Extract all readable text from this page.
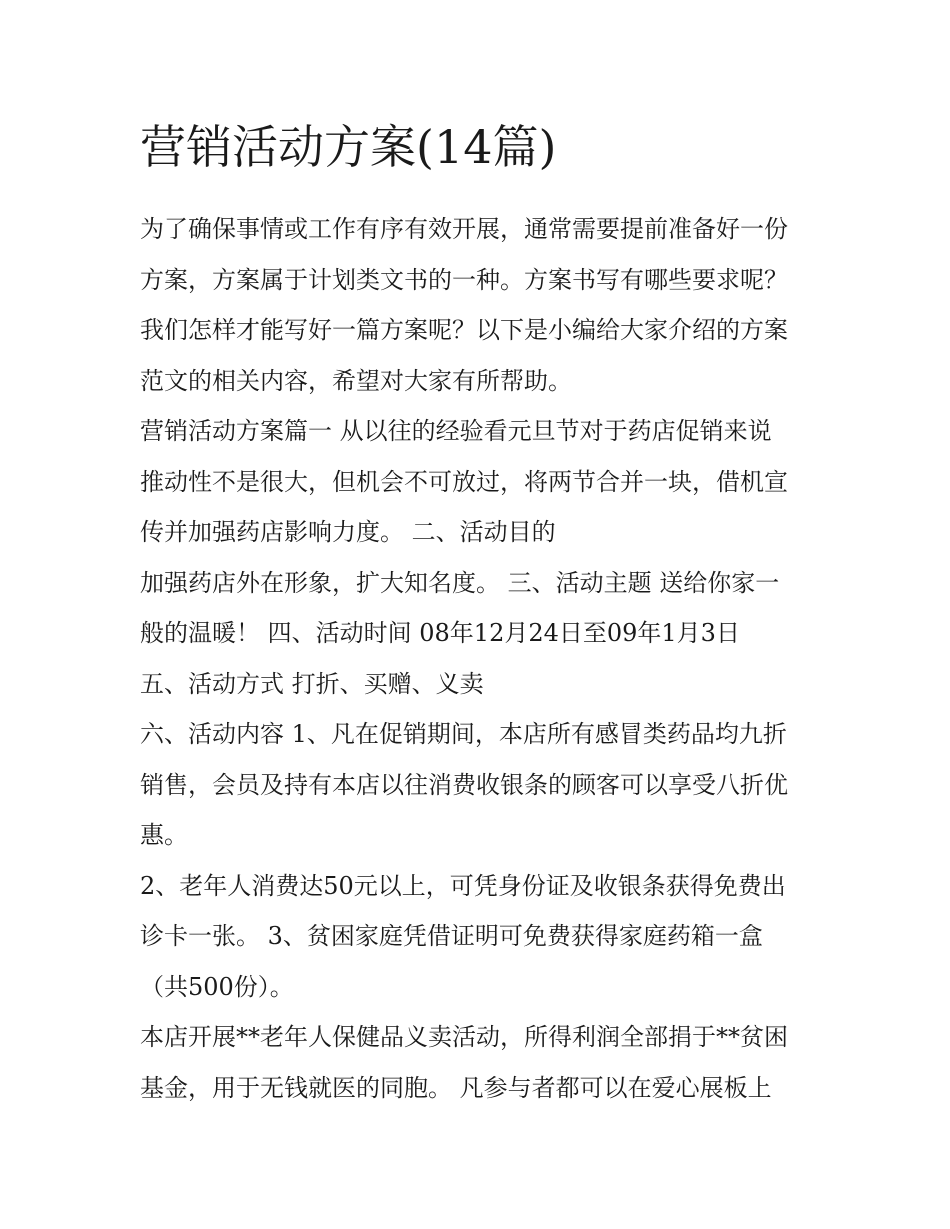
营销活动方案(14篇)

为了确保事情或工作有序有效开展，通常需要提前准备好一份
方案，方案属于计划类文书的一种。方案书写有哪些要求呢？
我们怎样才能写好一篇方案呢？以下是小编给大家介绍的方案
范文的相关内容，希望对大家有所帮助。

营销活动方案篇一 从以往的经验看元旦节对于药店促销来说
推动性不是很大，但机会不可放过，将两节合并一块，借机宣
传并加强药店影响力度。 二、活动目的

加强药店外在形象，扩大知名度。 三、活动主题 送给你家一
般的温暖！ 四、活动时间 08年12月24日至09年1月3日

五、活动方式 打折、买赠、义卖

六、活动内容 1、凡在促销期间，本店所有感冒类药品均九折
销售，会员及持有本店以往消费收银条的顾客可以享受八折优
惠。

2、老年人消费达50元以上，可凭身份证及收银条获得免费出
诊卡一张。 3、贫困家庭凭借证明可免费获得家庭药箱一盒
（共500份）。

本店开展**老年人保健品义卖活动，所得利润全部捐于**贫困
基金，用于无钱就医的同胞。 凡参与者都可以在爱心展板上
